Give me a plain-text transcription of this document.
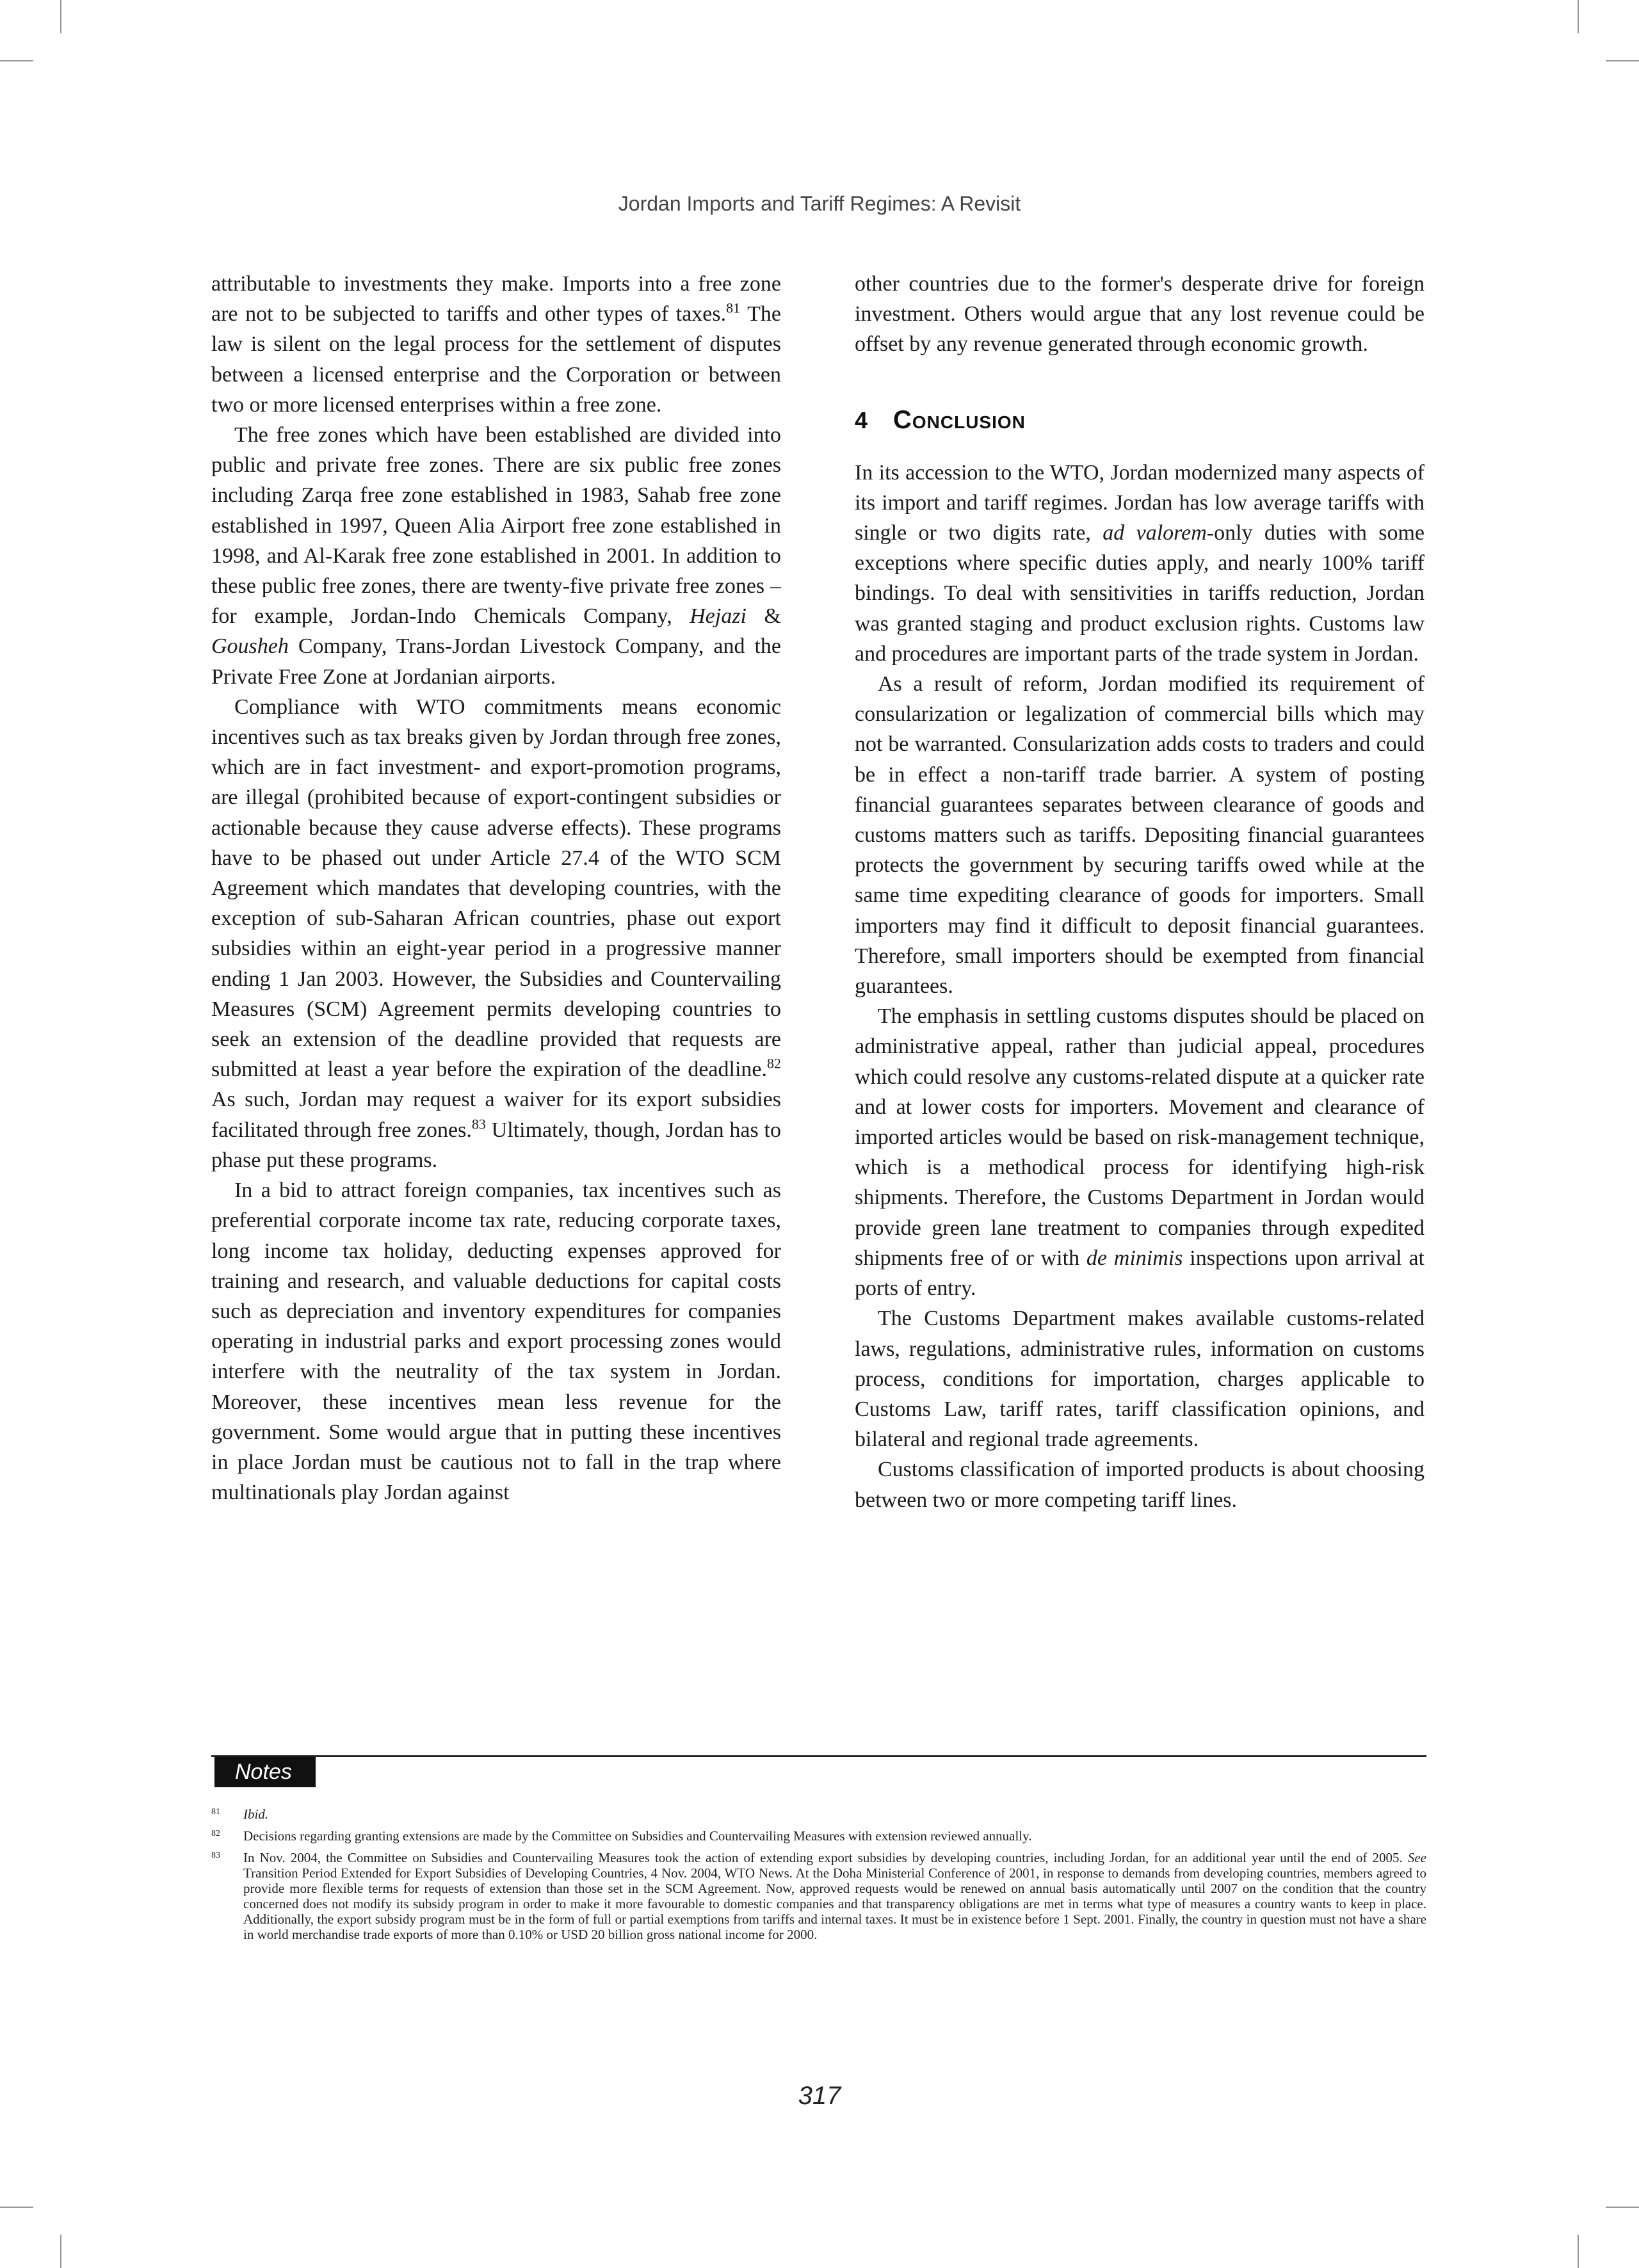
Jordan Imports and Tariff Regimes: A Revisit

attributable to investments they make. Imports into a free zone are not to be subjected to tariffs and other types of taxes.$^{81}$ The law is silent on the legal process for the settlement of disputes between a licensed enterprise and the Corporation or between two or more licensed enterprises within a free zone.

The free zones which have been established are divided into public and private free zones. There are six public free zones including Zarqa free zone established in 1983, Sahab free zone established in 1997, Queen Alia Airport free zone established in 1998, and Al-Karak free zone established in 2001. In addition to these public free zones, there are twenty-five private free zones – for example, Jordan-Indo Chemicals Company, Hejazi & Gousheh Company, Trans-Jordan Livestock Company, and the Private Free Zone at Jordanian airports.

Compliance with WTO commitments means economic incentives such as tax breaks given by Jordan through free zones, which are in fact investment- and export-promotion programs, are illegal (prohibited because of export-contingent subsidies or actionable because they cause adverse effects). These programs have to be phased out under Article 27.4 of the WTO SCM Agreement which mandates that developing countries, with the exception of sub-Saharan African countries, phase out export subsidies within an eight-year period in a progressive manner ending 1 Jan 2003. However, the Subsidies and Countervailing Measures (SCM) Agreement permits developing countries to seek an extension of the deadline provided that requests are submitted at least a year before the expiration of the deadline.$^{82}$ As such, Jordan may request a waiver for its export subsidies facilitated through free zones.$^{83}$ Ultimately, though, Jordan has to phase put these programs.

In a bid to attract foreign companies, tax incentives such as preferential corporate income tax rate, reducing corporate taxes, long income tax holiday, deducting expenses approved for training and research, and valuable deductions for capital costs such as depreciation and inventory expenditures for companies operating in industrial parks and export processing zones would interfere with the neutrality of the tax system in Jordan. Moreover, these incentives mean less revenue for the government. Some would argue that in putting these incentives in place Jordan must be cautious not to fall in the trap where multinationals play Jordan against

other countries due to the former's desperate drive for foreign investment. Others would argue that any lost revenue could be offset by any revenue generated through economic growth.

4 Conclusion

In its accession to the WTO, Jordan modernized many aspects of its import and tariff regimes. Jordan has low average tariffs with single or two digits rate, ad valorem-only duties with some exceptions where specific duties apply, and nearly 100% tariff bindings. To deal with sensitivities in tariffs reduction, Jordan was granted staging and product exclusion rights. Customs law and procedures are important parts of the trade system in Jordan.

As a result of reform, Jordan modified its requirement of consularization or legalization of commercial bills which may not be warranted. Consularization adds costs to traders and could be in effect a non-tariff trade barrier. A system of posting financial guarantees separates between clearance of goods and customs matters such as tariffs. Depositing financial guarantees protects the government by securing tariffs owed while at the same time expediting clearance of goods for importers. Small importers may find it difficult to deposit financial guarantees. Therefore, small importers should be exempted from financial guarantees.

The emphasis in settling customs disputes should be placed on administrative appeal, rather than judicial appeal, procedures which could resolve any customs-related dispute at a quicker rate and at lower costs for importers. Movement and clearance of imported articles would be based on risk-management technique, which is a methodical process for identifying high-risk shipments. Therefore, the Customs Department in Jordan would provide green lane treatment to companies through expedited shipments free of or with de minimis inspections upon arrival at ports of entry.

The Customs Department makes available customs-related laws, regulations, administrative rules, information on customs process, conditions for importation, charges applicable to Customs Law, tariff rates, tariff classification opinions, and bilateral and regional trade agreements.

Customs classification of imported products is about choosing between two or more competing tariff lines.

Notes
81	Ibid.
82	Decisions regarding granting extensions are made by the Committee on Subsidies and Countervailing Measures with extension reviewed annually.
83	In Nov. 2004, the Committee on Subsidies and Countervailing Measures took the action of extending export subsidies by developing countries, including Jordan, for an additional year until the end of 2005. See Transition Period Extended for Export Subsidies of Developing Countries, 4 Nov. 2004, WTO News. At the Doha Ministerial Conference of 2001, in response to demands from developing countries, members agreed to provide more flexible terms for requests of extension than those set in the SCM Agreement. Now, approved requests would be renewed on annual basis automatically until 2007 on the condition that the country concerned does not modify its subsidy program in order to make it more favourable to domestic companies and that transparency obligations are met in terms what type of measures a country wants to keep in place. Additionally, the export subsidy program must be in the form of full or partial exemptions from tariffs and internal taxes. It must be in existence before 1 Sept. 2001. Finally, the country in question must not have a share in world merchandise trade exports of more than 0.10% or USD 20 billion gross national income for 2000.
317
